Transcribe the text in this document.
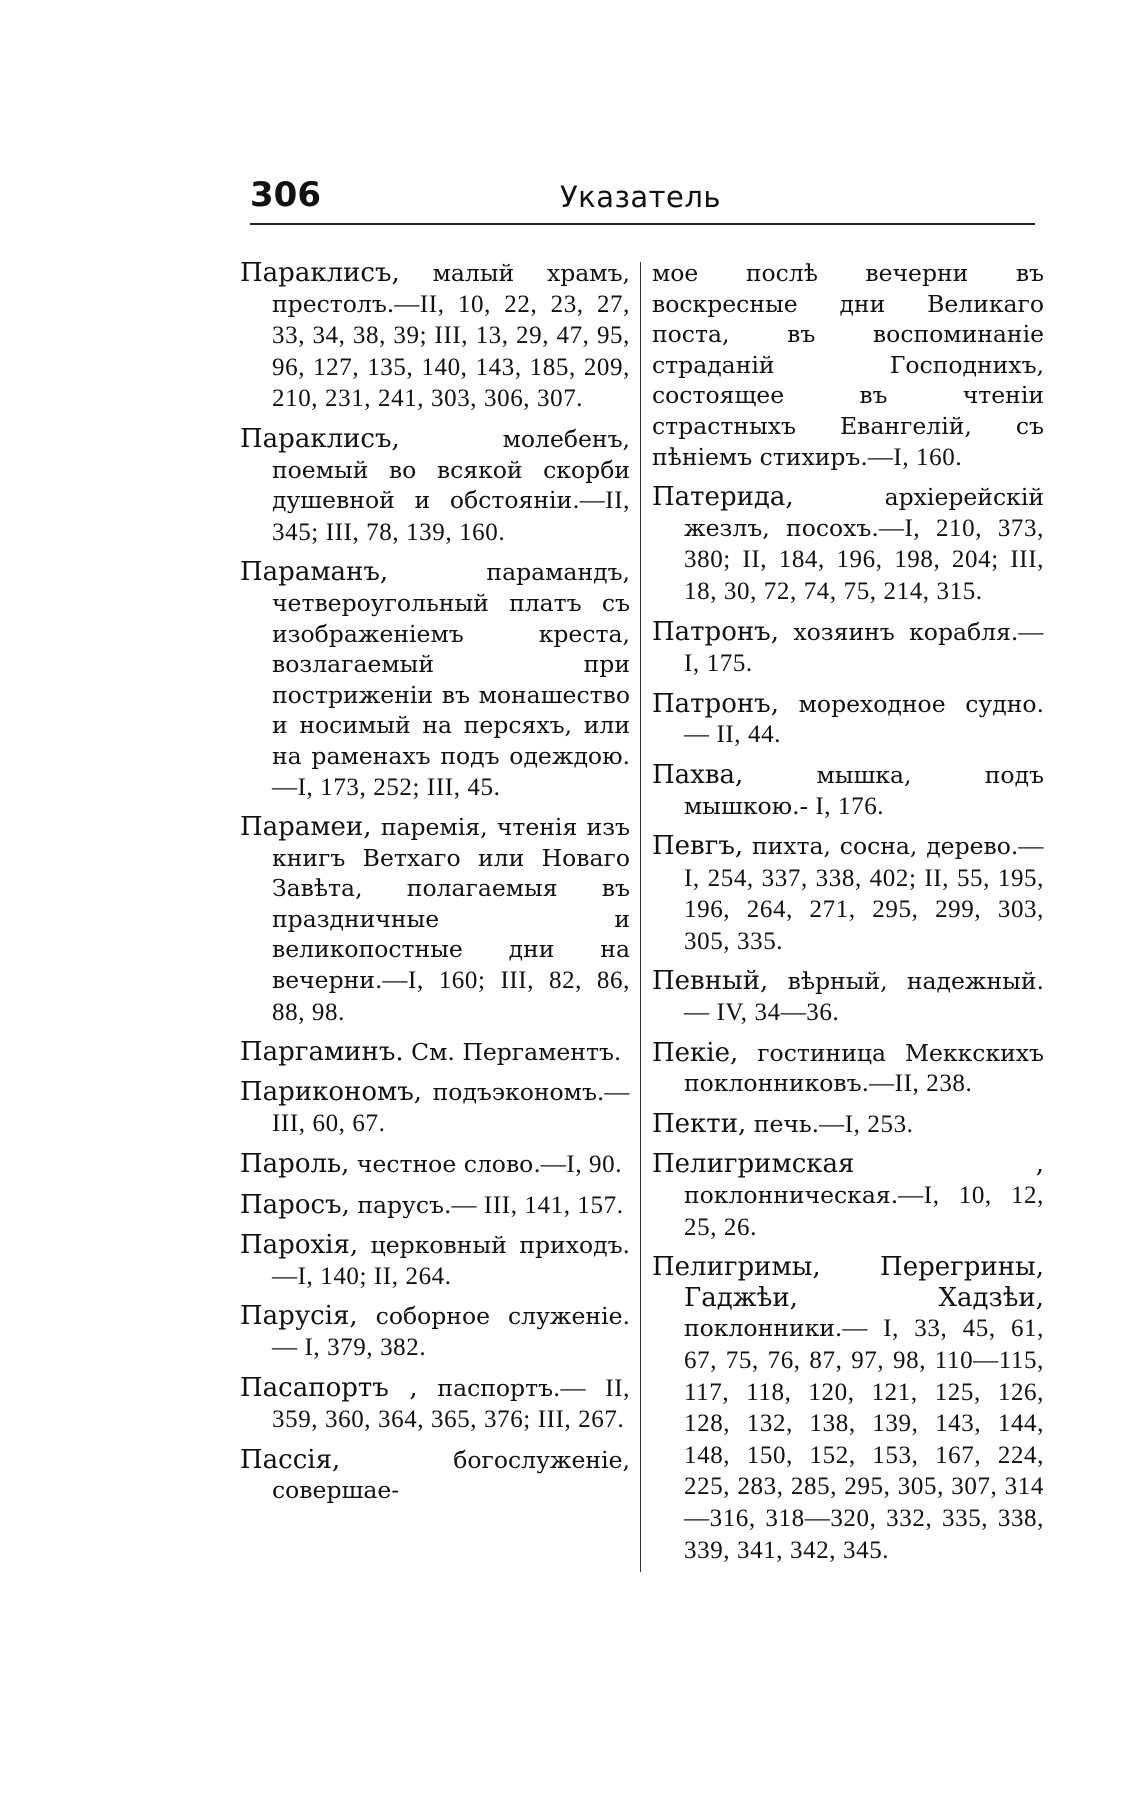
306	Указатель
Параклисъ, малый храмъ, престолъ.—II, 10, 22, 23, 27, 33, 34, 38, 39; III, 13, 29, 47, 95, 96, 127, 135, 140, 143, 185, 209, 210, 231, 241, 303, 306, 307.
Параклисъ,	молебенъ, поемый во всякой скорби душевной и обстояніи.—II, 345; III, 78, 139, 160.
Параманъ,	парамандъ, четвероугольный платъ съ изображеніемъ креста, возлагаемый при постриженіи въ монашество и носимый на персяхъ, или на раменахъ подъ одеждою.—I, 173, 252; III, 45.
Парамеи, паремія, чтенія изъ книгъ Ветхаго или Новаго Завѣта, полагаемыя въ праздничные и великопостные дни на вечерни.—I, 160; III, 82, 86, 88, 98.
Паргаминъ. См. Пергаментъ.
Парикономъ, подъэкономъ.— III, 60, 67.
Пароль, честное слово.—I, 90.
Паросъ, парусъ.— III, 141, 157.
Парохія, церковный приходъ.—I, 140; II, 264.
Парусія, соборное служеніе.— I, 379, 382.
Пасапортъ , паспортъ.— II, 359, 360, 364, 365, 376; III, 267.
Пассія,	богослуженіе, совершае-
мое послѣ вечерни въ воскресные дни Великаго поста, въ воспоминаніе страданій Господнихъ, состоящее въ чтеніи страстныхъ Евангелій, съ пѣніемъ стихиръ.—I, 160.
Патерида,	архіерейскій жезлъ, посохъ.—I, 210, 373, 380; II, 184, 196, 198, 204; III, 18, 30, 72, 74, 75, 214, 315.
Патронъ, хозяинъ корабля.— I, 175.
Патронъ, мореходное судно.— II, 44.
Пахва,	мышка, подъ мышкою.- I, 176.
Певгъ, пихта, сосна, дерево.— I, 254, 337, 338, 402; II, 55, 195, 196, 264, 271, 295, 299, 303, 305, 335.
Певный, вѣрный, надежный.— IV, 34—36.
Пекіе, гостиница Меккскихъ поклонниковъ.—II, 238.
Пекти, печь.—I, 253.
Пелигримская , поклонническая.—I, 10, 12, 25, 26.
Пелигримы, Перегрины, Гаджѣи, Хадзѣи, поклонники.— I, 33, 45, 61, 67, 75, 76, 87, 97, 98, 110—115, 117, 118, 120, 121, 125, 126, 128, 132, 138, 139, 143, 144, 148, 150, 152, 153, 167, 224, 225, 283, 285, 295, 305, 307, 314—316, 318—320, 332, 335, 338, 339, 341, 342, 345.
